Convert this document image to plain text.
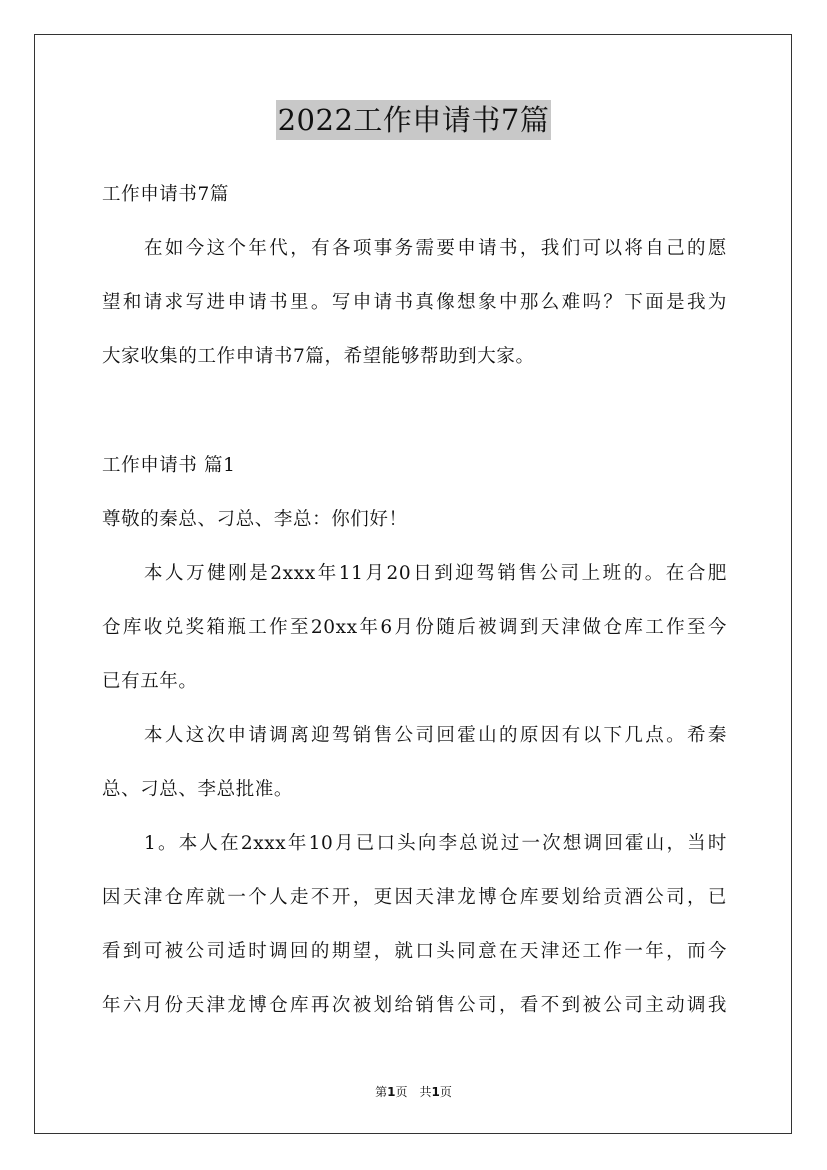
2022工作申请书7篇
工作申请书7篇
在如今这个年代，有各项事务需要申请书，我们可以将自己的愿
望和请求写进申请书里。写申请书真像想象中那么难吗？下面是我为
大家收集的工作申请书7篇，希望能够帮助到大家。
工作申请书 篇1
尊敬的秦总、刁总、李总：你们好！
本人万健刚是2xxx年11月20日到迎驾销售公司上班的。在合肥
仓库收兑奖箱瓶工作至20xx年6月份随后被调到天津做仓库工作至今
已有五年。
本人这次申请调离迎驾销售公司回霍山的原因有以下几点。希秦
总、刁总、李总批准。
1。本人在2xxx年10月已口头向李总说过一次想调回霍山，当时
因天津仓库就一个人走不开，更因天津龙博仓库要划给贡酒公司，已
看到可被公司适时调回的期望，就口头同意在天津还工作一年，而今
年六月份天津龙博仓库再次被划给销售公司，看不到被公司主动调我
第1页　共1页
